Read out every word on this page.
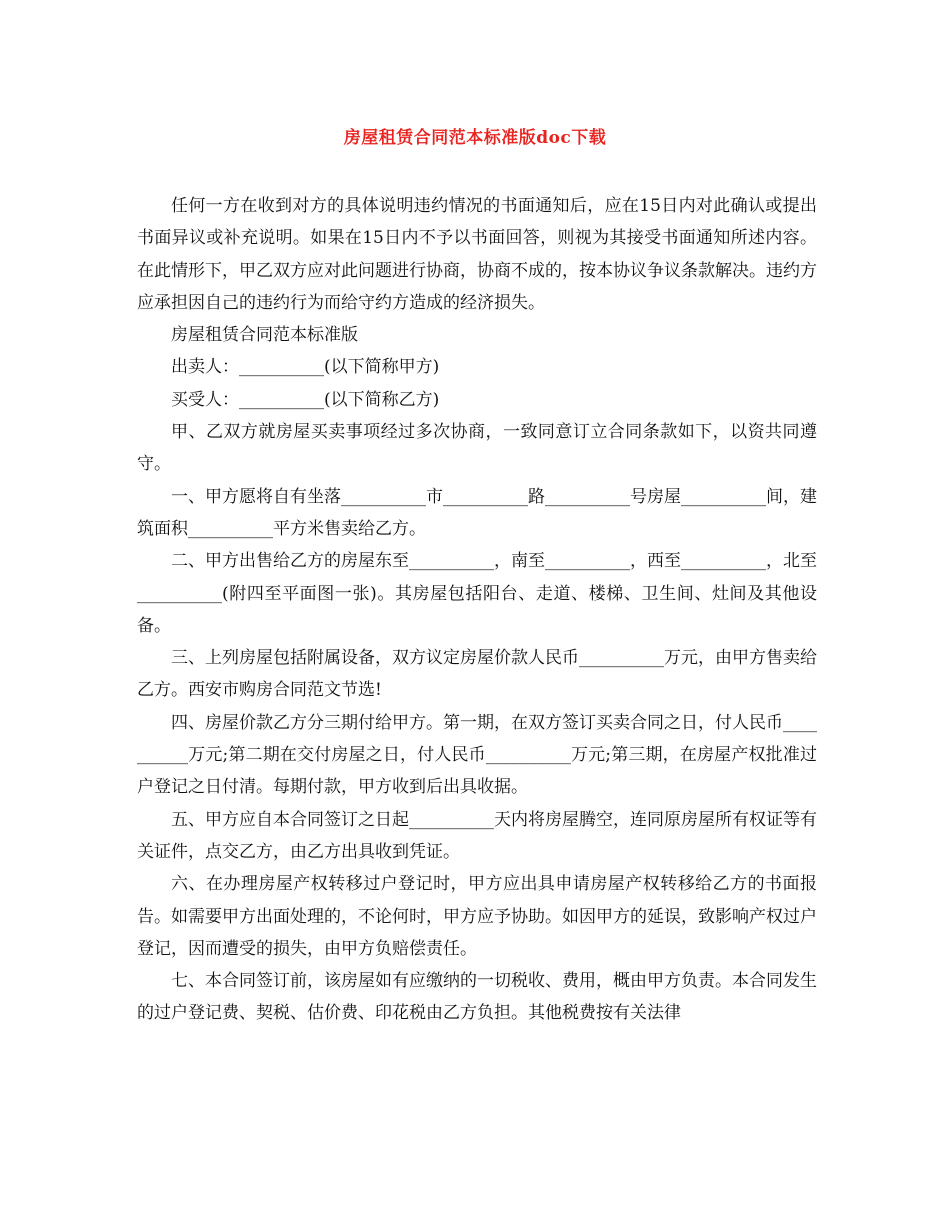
房屋租赁合同范本标准版doc下载

任何一方在收到对方的具体说明违约情况的书面通知后，应在15日内对此确认或提出书面异议或补充说明。如果在15日内不予以书面回答，则视为其接受书面通知所述内容。在此情形下，甲乙双方应对此问题进行协商，协商不成的，按本协议争议条款解决。违约方应承担因自己的违约行为而给守约方造成的经济损失。

房屋租赁合同范本标准版

出卖人：__________(以下简称甲方)

买受人：__________(以下简称乙方)

甲、乙双方就房屋买卖事项经过多次协商，一致同意订立合同条款如下，以资共同遵守。

一、甲方愿将自有坐落__________市__________路__________号房屋__________间，建筑面积__________平方米售卖给乙方。

二、甲方出售给乙方的房屋东至__________，南至__________，西至__________，北至__________(附四至平面图一张)。其房屋包括阳台、走道、楼梯、卫生间、灶间及其他设备。

三、上列房屋包括附属设备，双方议定房屋价款人民币__________万元，由甲方售卖给乙方。西安市购房合同范文节选!

四、房屋价款乙方分三期付给甲方。第一期，在双方签订买卖合同之日，付人民币__________万元;第二期在交付房屋之日，付人民币__________万元;第三期，在房屋产权批准过户登记之日付清。每期付款，甲方收到后出具收据。

五、甲方应自本合同签订之日起__________天内将房屋腾空，连同原房屋所有权证等有关证件，点交乙方，由乙方出具收到凭证。

六、在办理房屋产权转移过户登记时，甲方应出具申请房屋产权转移给乙方的书面报告。如需要甲方出面处理的，不论何时，甲方应予协助。如因甲方的延误，致影响产权过户登记，因而遭受的损失，由甲方负赔偿责任。

七、本合同签订前，该房屋如有应缴纳的一切税收、费用，概由甲方负责。本合同发生的过户登记费、契税、估价费、印花税由乙方负担。其他税费按有关法律
